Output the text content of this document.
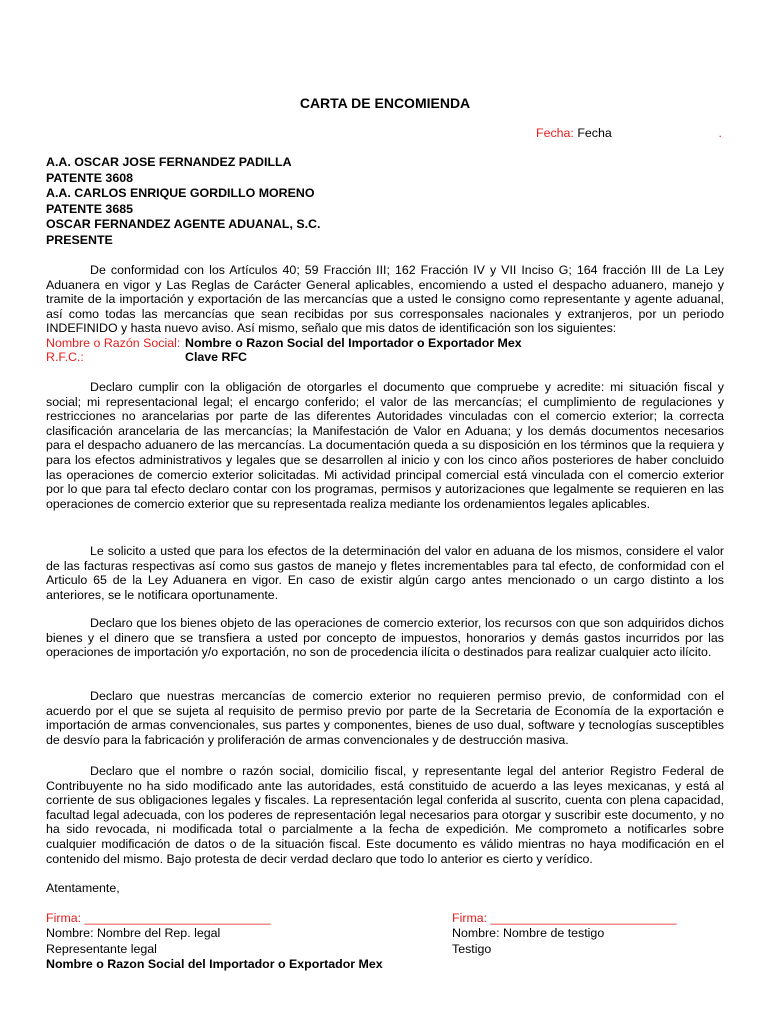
CARTA DE ENCOMIENDA
Fecha: Fecha	.
A.A. OSCAR JOSE FERNANDEZ PADILLA
PATENTE 3608
A.A. CARLOS ENRIQUE GORDILLO MORENO
PATENTE 3685
OSCAR FERNANDEZ AGENTE ADUANAL, S.C.
PRESENTE

De conformidad con los Artículos 40; 59 Fracción III; 162 Fracción IV y VII Inciso G; 164 fracción III de La Ley Aduanera en vigor y Las Reglas de Carácter General aplicables, encomiendo a usted el despacho aduanero, manejo y tramite de la importación y exportación de las mercancías que a usted le consigno como representante y agente aduanal, así como todas las mercancías que sean recibidas por sus corresponsales nacionales y extranjeros, por un periodo INDEFINIDO y hasta nuevo aviso. Así mismo, señalo que mis datos de identificación son los siguientes:

Nombre o Razón Social: Nombre o Razon Social del Importador o Exportador Mex
R.F.C.:	Clave RFC

Declaro cumplir con la obligación de otorgarles el documento que compruebe y acredite: mi situación fiscal y social; mi representacional legal; el encargo conferido; el valor de las mercancías; el cumplimiento de regulaciones y restricciones no arancelarias por parte de las diferentes Autoridades vinculadas con el comercio exterior; la correcta clasificación arancelaria de las mercancías; la Manifestación de Valor en Aduana; y los demás documentos necesarios para el despacho aduanero de las mercancías. La documentación queda a su disposición en los términos que la requiera y para los efectos administrativos y legales que se desarrollen al inicio y con los cinco años posteriores de haber concluido las operaciones de comercio exterior solicitadas. Mi actividad principal comercial está vinculada con el comercio exterior por lo que para tal efecto declaro contar con los programas, permisos y autorizaciones que legalmente se requieren en las operaciones de comercio exterior que su representada realiza mediante los ordenamientos legales aplicables.

Le solicito a usted que para los efectos de la determinación del valor en aduana de los mismos, considere el valor de las facturas respectivas así como sus gastos de manejo y fletes incrementables para tal efecto, de conformidad con el Articulo 65 de la Ley Aduanera en vigor. En caso de existir algún cargo antes mencionado o un cargo distinto a los anteriores, se le notificara oportunamente.

Declaro que los bienes objeto de las operaciones de comercio exterior, los recursos con que son adquiridos dichos bienes y el dinero que se transfiera a usted por concepto de impuestos, honorarios y demás gastos incurridos por las operaciones de importación y/o exportación, no son de procedencia ilícita o destinados para realizar cualquier acto ilícito.

Declaro que nuestras mercancías de comercio exterior no requieren permiso previo, de conformidad con el acuerdo por el que se sujeta al requisito de permiso previo por parte de la Secretaria de Economía de la exportación e importación de armas convencionales, sus partes y componentes, bienes de uso dual, software y tecnologías susceptibles de desvío para la fabricación y proliferación de armas convencionales y de destrucción masiva.

Declaro que el nombre o razón social, domicilio fiscal, y representante legal del anterior Registro Federal de Contribuyente no ha sido modificado ante las autoridades, está constituido de acuerdo a las leyes mexicanas, y está al corriente de sus obligaciones legales y fiscales. La representación legal conferida al suscrito, cuenta con plena capacidad, facultad legal adecuada, con los poderes de representación legal necesarios para otorgar y suscribir este documento, y no ha sido revocada, ni modificada total o parcialmente a la fecha de expedición. Me comprometo a notificarles sobre cualquier modificación de datos o de la situación fiscal. Este documento es válido mientras no haya modificación en el contenido del mismo. Bajo protesta de decir verdad declaro que todo lo anterior es cierto y verídico.

Atentamente,
Firma: ___________________________
Nombre: Nombre del Rep. legal
Representante legal
Nombre o Razon Social del Importador o Exportador Mex
Firma: ___________________________
Nombre: Nombre de testigo
Testigo
